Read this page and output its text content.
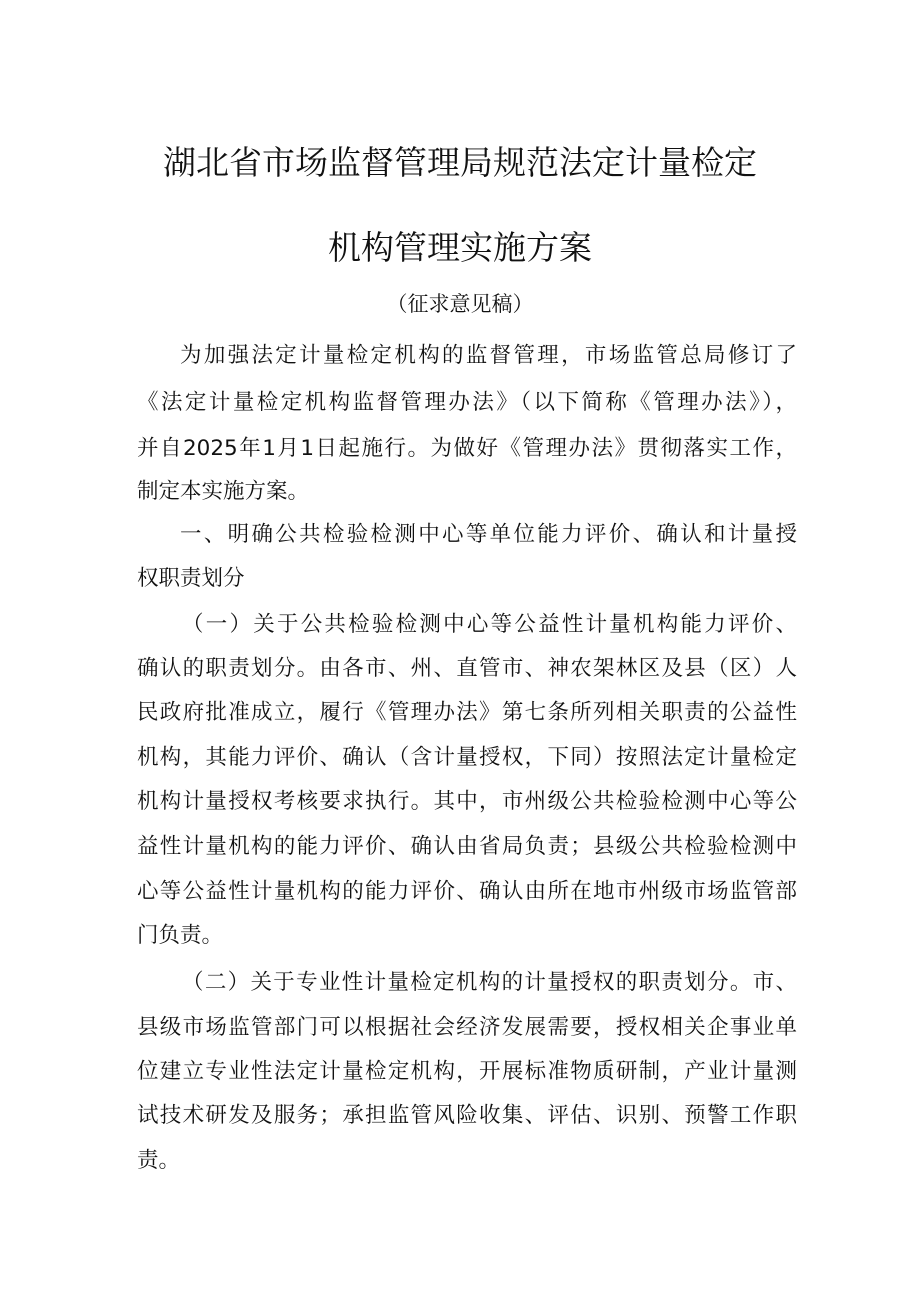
湖北省市场监督管理局规范法定计量检定
机构管理实施方案
（征求意见稿）
为加强法定计量检定机构的监督管理，市场监管总局修订了
《法定计量检定机构监督管理办法》（以下简称《管理办法》），
并自2025年1月1日起施行。为做好《管理办法》贯彻落实工作，
制定本实施方案。
一、明确公共检验检测中心等单位能力评价、确认和计量授
权职责划分
（一）关于公共检验检测中心等公益性计量机构能力评价、
确认的职责划分。由各市、州、直管市、神农架林区及县（区）人
民政府批准成立，履行《管理办法》第七条所列相关职责的公益性
机构，其能力评价、确认（含计量授权，下同）按照法定计量检定
机构计量授权考核要求执行。其中，市州级公共检验检测中心等公
益性计量机构的能力评价、确认由省局负责；县级公共检验检测中
心等公益性计量机构的能力评价、确认由所在地市州级市场监管部
门负责。
（二）关于专业性计量检定机构的计量授权的职责划分。市、
县级市场监管部门可以根据社会经济发展需要，授权相关企事业单
位建立专业性法定计量检定机构，开展标准物质研制，产业计量测
试技术研发及服务；承担监管风险收集、评估、识别、预警工作职
责。
